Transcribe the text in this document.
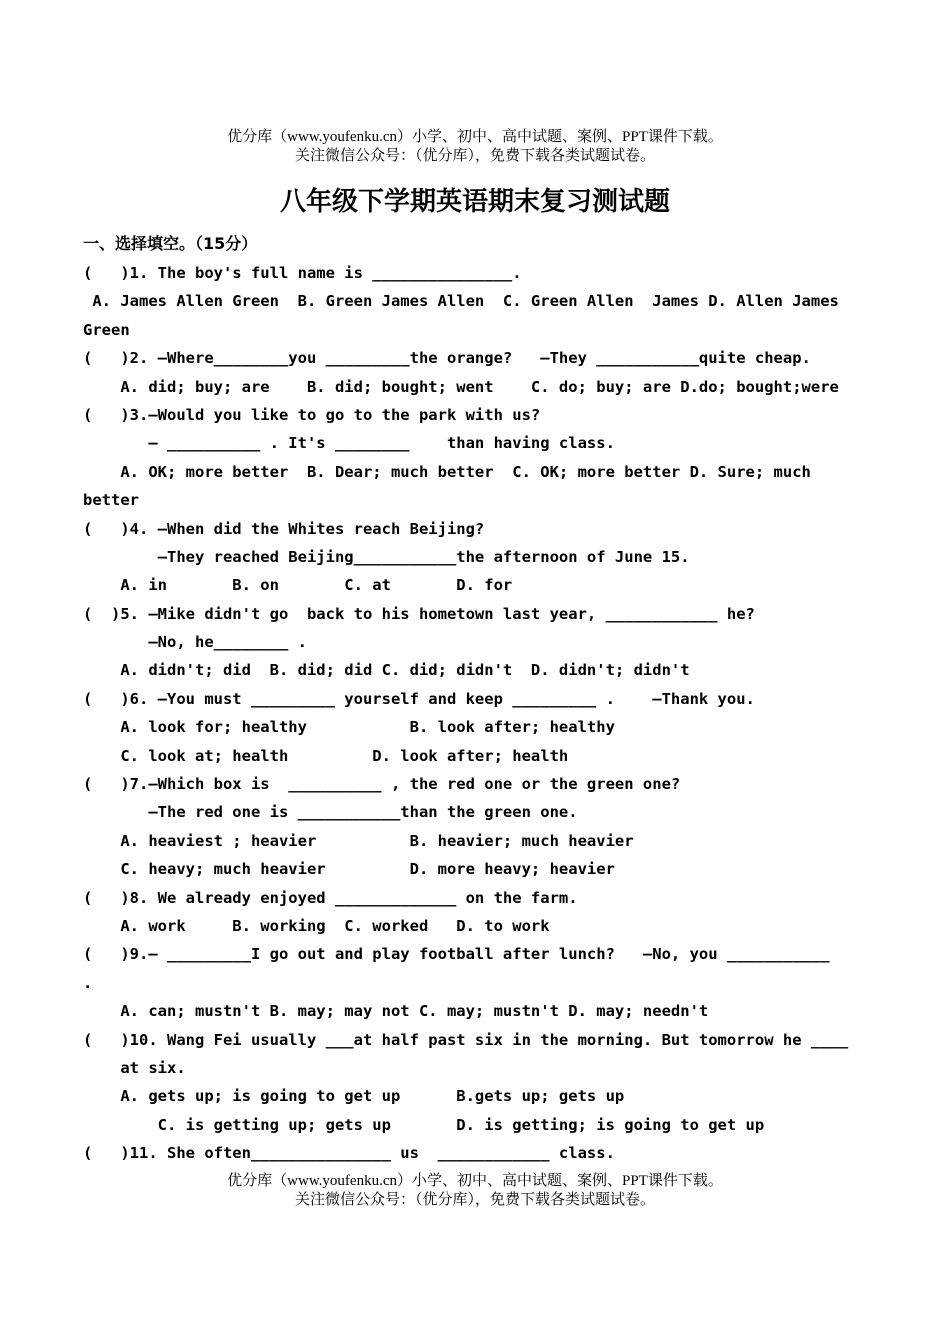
优分库（www.youfenku.cn）小学、初中、高中试题、案例、PPT课件下载。
关注微信公众号：（优分库），免费下载各类试题试卷。
八年级下学期英语期末复习测试题
一、选择填空。（15分）
(   )1. The boy's full name is _______________.
A. James Allen Green  B. Green James Allen  C. Green Allen  James D. Allen James
Green
(   )2. —Where________you _________the orange?   —They ___________quite cheap.
A. did; buy; are    B. did; bought; went    C. do; buy; are D.do; bought;were
(   )3.—Would you like to go to the park with us?
— __________ . It's ________    than having class.
A. OK; more better  B. Dear; much better  C. OK; more better D. Sure; much
better
(   )4. —When did the Whites reach Beijing?
—They reached Beijing___________the afternoon of June 15.
A. in       B. on       C. at       D. for
(  )5. —Mike didn't go  back to his hometown last year, ____________ he?
—No, he________ .
A. didn't; did  B. did; did C. did; didn't  D. didn't; didn't
(   )6. —You must _________ yourself and keep _________ .    —Thank you.
A. look for; healthy           B. look after; healthy
C. look at; health         D. look after; health
(   )7.—Which box is  __________ , the red one or the green one?
—The red one is ___________than the green one.
A. heaviest ; heavier          B. heavier; much heavier
C. heavy; much heavier         D. more heavy; heavier
(   )8. We already enjoyed _____________ on the farm.
A. work     B. working  C. worked   D. to work
(   )9.— _________I go out and play football after lunch?   —No, you ___________
.
A. can; mustn't B. may; may not C. may; mustn't D. may; needn't
(   )10. Wang Fei usually ___at half past six in the morning. But tomorrow he ____
at six.
A. gets up; is going to get up      B.gets up; gets up
C. is getting up; gets up       D. is getting; is going to get up
(   )11. She often_______________ us  ____________ class.
优分库（www.youfenku.cn）小学、初中、高中试题、案例、PPT课件下载。
关注微信公众号：（优分库），免费下载各类试题试卷。
